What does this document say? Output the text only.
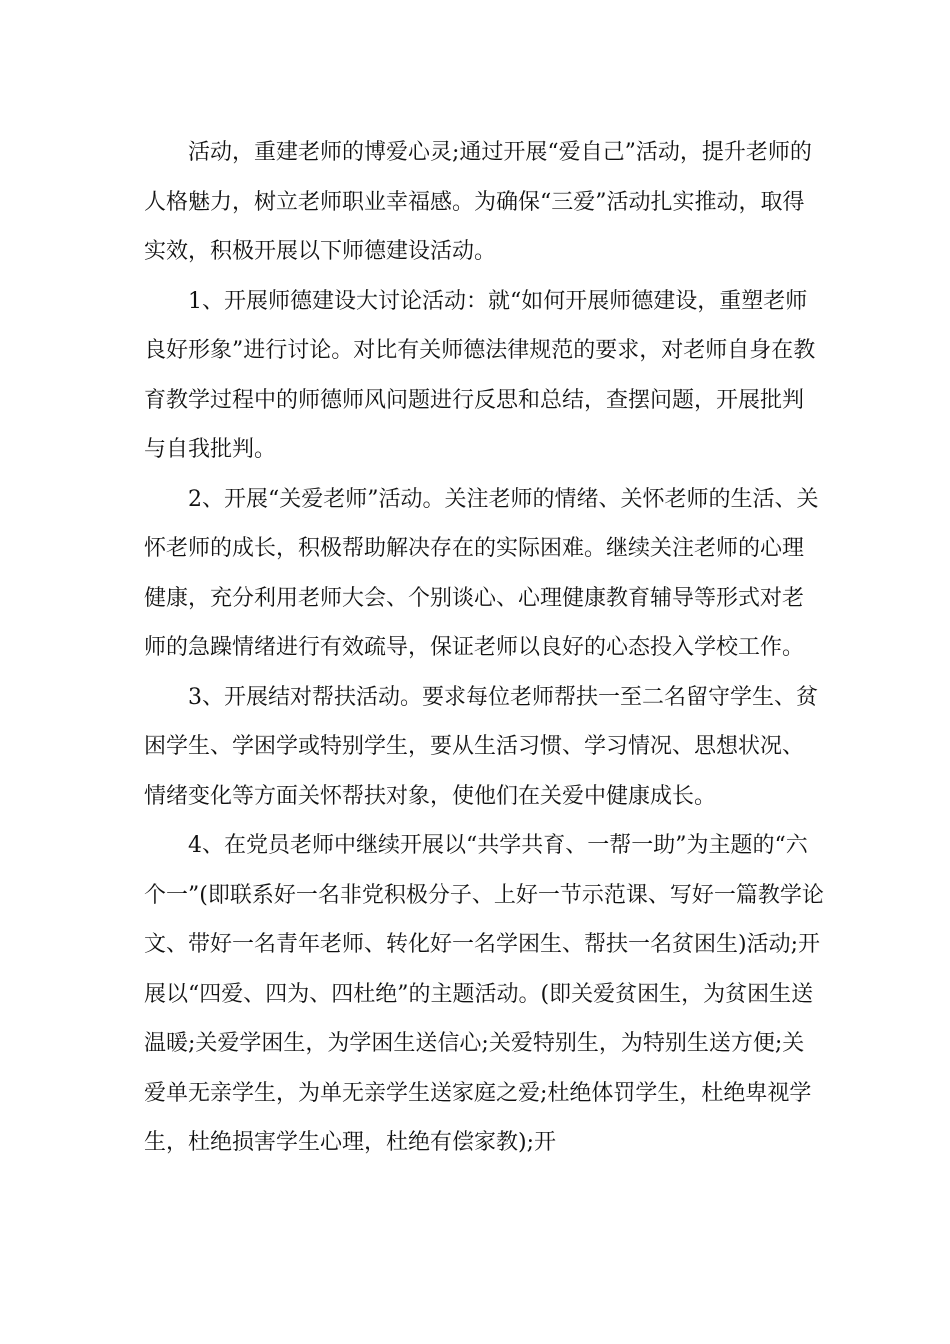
活动，重建老师的博爱心灵;通过开展“爱自己”活动，提升老师的人格魅力，树立老师职业幸福感。为确保“三爱”活动扎实推动，取得实效，积极开展以下师德建设活动。

1、开展师德建设大讨论活动：就“如何开展师德建设，重塑老师良好形象”进行讨论。对比有关师德法律规范的要求，对老师自身在教育教学过程中的师德师风问题进行反思和总结，查摆问题，开展批判与自我批判。

2、开展“关爱老师”活动。关注老师的情绪、关怀老师的生活、关怀老师的成长，积极帮助解决存在的实际困难。继续关注老师的心理健康，充分利用老师大会、个别谈心、心理健康教育辅导等形式对老师的急躁情绪进行有效疏导，保证老师以良好的心态投入学校工作。

3、开展结对帮扶活动。要求每位老师帮扶一至二名留守学生、贫困学生、学困学或特别学生，要从生活习惯、学习情况、思想状况、情绪变化等方面关怀帮扶对象，使他们在关爱中健康成长。

4、在党员老师中继续开展以“共学共育、一帮一助”为主题的“六个一”(即联系好一名非党积极分子、上好一节示范课、写好一篇教学论文、带好一名青年老师、转化好一名学困生、帮扶一名贫困生)活动;开展以“四爱、四为、四杜绝”的主题活动。(即关爱贫困生，为贫困生送温暖;关爱学困生，为学困生送信心;关爱特别生，为特别生送方便;关爱单无亲学生，为单无亲学生送家庭之爱;杜绝体罚学生，杜绝卑视学生，杜绝损害学生心理，杜绝有偿家教);开
